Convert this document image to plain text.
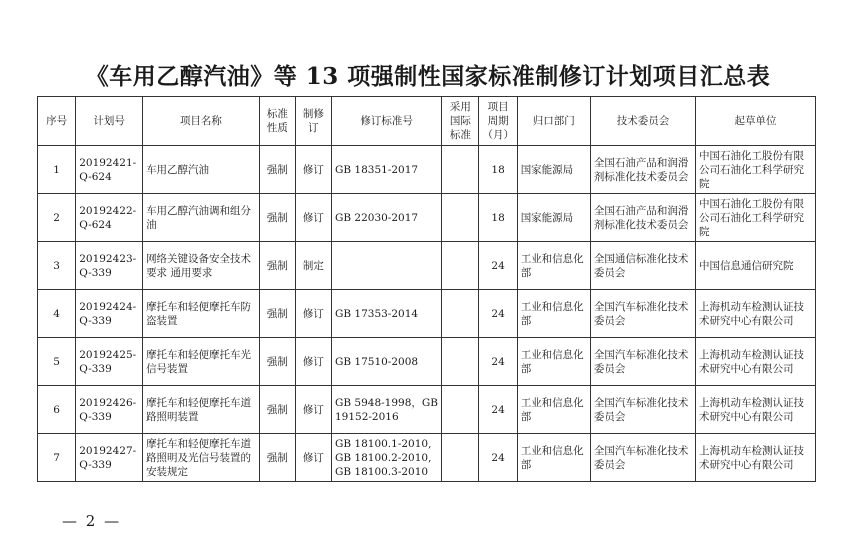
《车用乙醇汽油》等 13 项强制性国家标准制修订计划项目汇总表
序号	计划号	项目名称	标准性质	制修订	修订标准号	采用国际标准	项目周期（月）	归口部门	技术委员会	起草单位
1	20192421-Q-624	车用乙醇汽油	强制	修订	GB 18351-2017		18	国家能源局	全国石油产品和润滑剂标准化技术委员会	中国石油化工股份有限公司石油化工科学研究院
2	20192422-Q-624	车用乙醇汽油调和组分油	强制	修订	GB 22030-2017		18	国家能源局	全国石油产品和润滑剂标准化技术委员会	中国石油化工股份有限公司石油化工科学研究院
3	20192423-Q-339	网络关键设备安全技术要求 通用要求	强制	制定			24	工业和信息化部	全国通信标准化技术委员会	中国信息通信研究院
4	20192424-Q-339	摩托车和轻便摩托车防盗装置	强制	修订	GB 17353-2014		24	工业和信息化部	全国汽车标准化技术委员会	上海机动车检测认证技术研究中心有限公司
5	20192425-Q-339	摩托车和轻便摩托车光信号装置	强制	修订	GB 17510-2008		24	工业和信息化部	全国汽车标准化技术委员会	上海机动车检测认证技术研究中心有限公司
6	20192426-Q-339	摩托车和轻便摩托车道路照明装置	强制	修订	GB 5948-1998，GB 19152-2016		24	工业和信息化部	全国汽车标准化技术委员会	上海机动车检测认证技术研究中心有限公司
7	20192427-Q-339	摩托车和轻便摩托车道路照明及光信号装置的安装规定	强制	修订	GB 18100.1-2010, GB 18100.2-2010, GB 18100.3-2010		24	工业和信息化部	全国汽车标准化技术委员会	上海机动车检测认证技术研究中心有限公司
— 2 —
